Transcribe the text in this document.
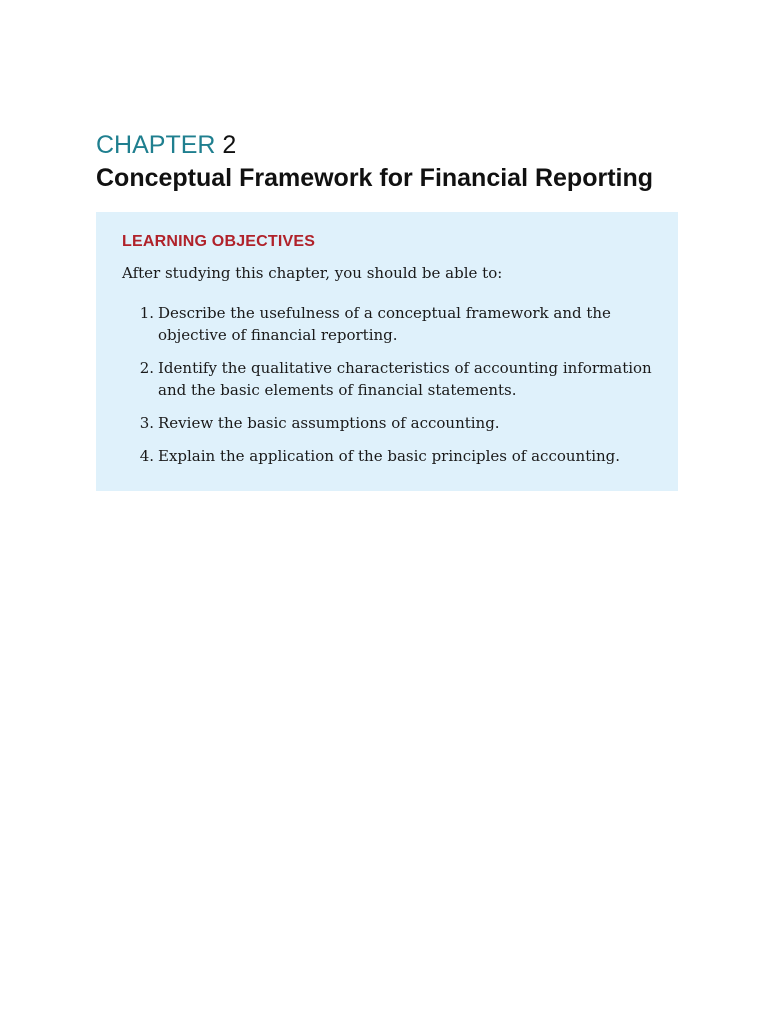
CHAPTER 2
Conceptual Framework for Financial Reporting
LEARNING OBJECTIVES

After studying this chapter, you should be able to:

1. Describe the usefulness of a conceptual framework and the objective of financial reporting.
2. Identify the qualitative characteristics of accounting information and the basic elements of financial statements.
3. Review the basic assumptions of accounting.
4. Explain the application of the basic principles of accounting.
